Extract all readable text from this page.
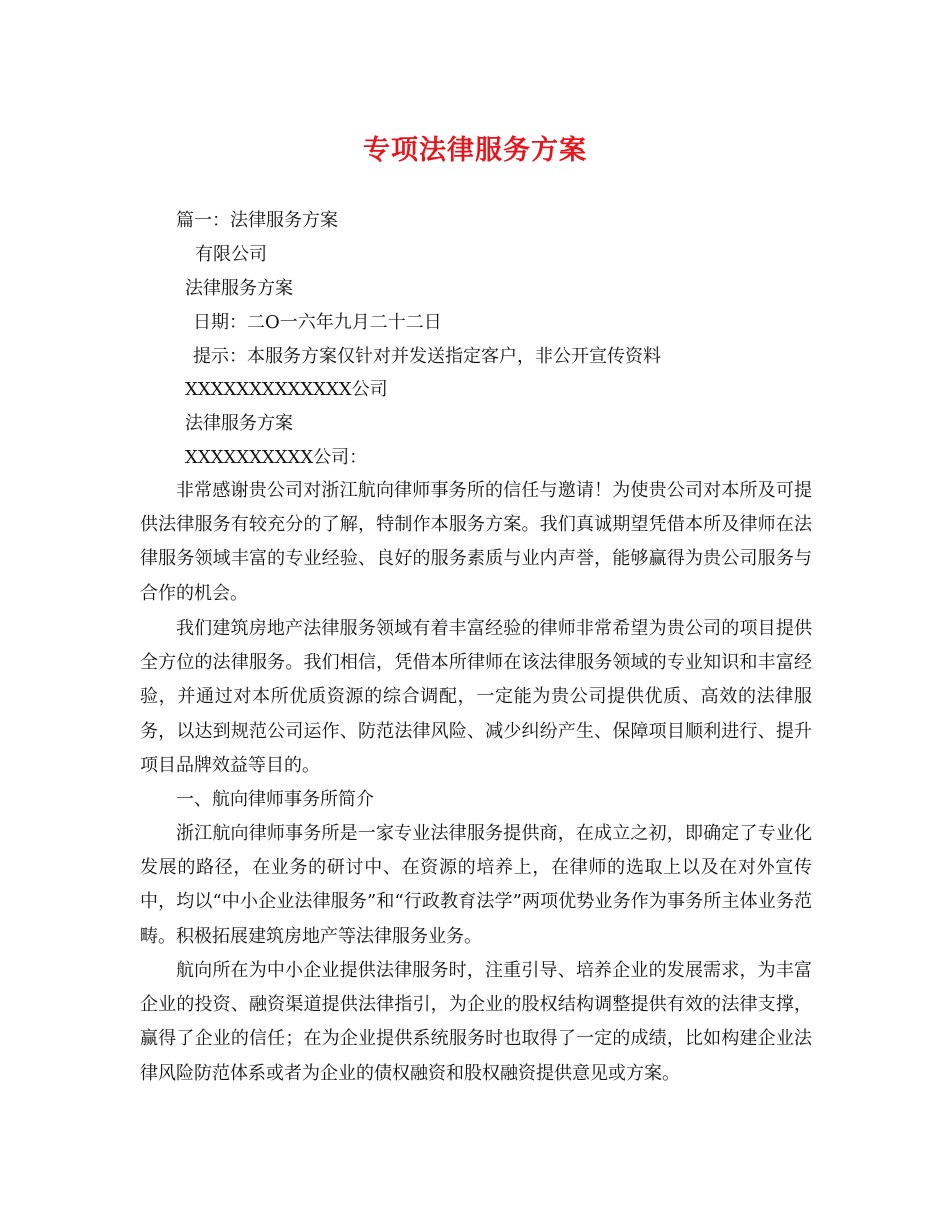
专项法律服务方案
篇一：法律服务方案
有限公司
法律服务方案
日期：二O一六年九月二十二日
提示：本服务方案仅针对并发送指定客户，非公开宣传资料
XXXXXXXXXXXXX公司
法律服务方案
XXXXXXXXXX公司：

非常感谢贵公司对浙江航向律师事务所的信任与邀请！为使贵公司对本所及可提供法律服务有较充分的了解，特制作本服务方案。我们真诚期望凭借本所及律师在法律服务领域丰富的专业经验、良好的服务素质与业内声誉，能够赢得为贵公司服务与合作的机会。

我们建筑房地产法律服务领域有着丰富经验的律师非常希望为贵公司的项目提供全方位的法律服务。我们相信，凭借本所律师在该法律服务领域的专业知识和丰富经验，并通过对本所优质资源的综合调配，一定能为贵公司提供优质、高效的法律服务，以达到规范公司运作、防范法律风险、减少纠纷产生、保障项目顺利进行、提升项目品牌效益等目的。

一、航向律师事务所简介

浙江航向律师事务所是一家专业法律服务提供商，在成立之初，即确定了专业化发展的路径，在业务的研讨中、在资源的培养上，在律师的选取上以及在对外宣传中，均以“中小企业法律服务”和“行政教育法学”两项优势业务作为事务所主体业务范畴。积极拓展建筑房地产等法律服务业务。

航向所在为中小企业提供法律服务时，注重引导、培养企业的发展需求，为丰富企业的投资、融资渠道提供法律指引，为企业的股权结构调整提供有效的法律支撑，赢得了企业的信任；在为企业提供系统服务时也取得了一定的成绩，比如构建企业法律风险防范体系或者为企业的债权融资和股权融资提供意见或方案。
